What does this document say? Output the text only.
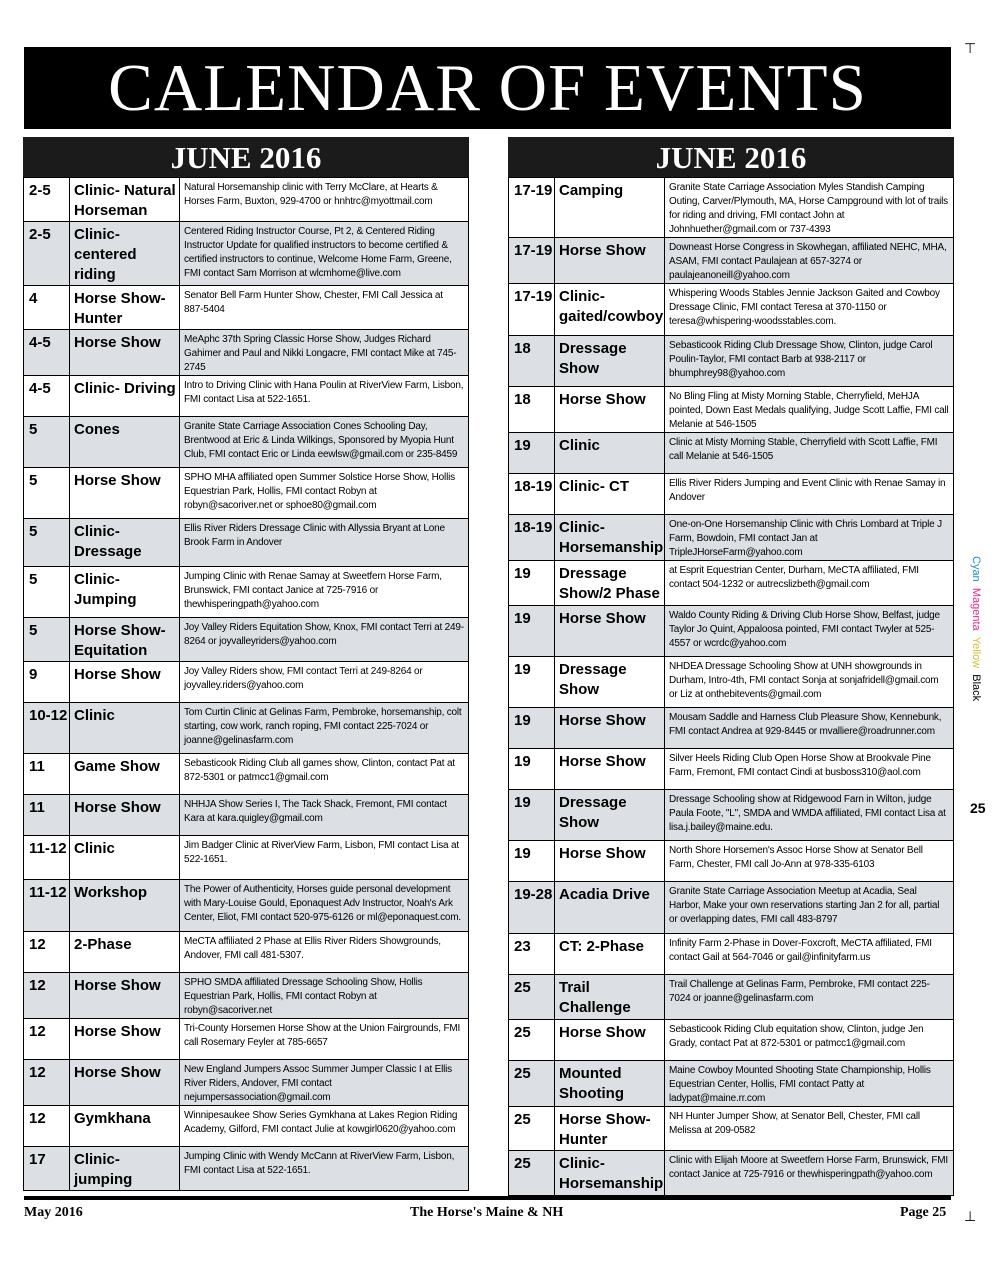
CALENDAR OF EVENTS
JUNE 2016
2-5	Clinic- Natural Horseman	Natural Horsemanship clinic with Terry McClare, at Hearts & Horses Farm, Buxton, 929-4700 or hnhtrc@myottmail.com
2-5	Clinic- centered riding	Centered Riding Instructor Course, Pt 2, & Centered Riding Instructor Update for qualified instructors to become certified & certified instructors to continue, Welcome Home Farm, Greene, FMI contact Sam Morrison at wlcmhome@live.com
4	Horse Show-Hunter	Senator Bell Farm Hunter Show, Chester, FMI Call Jessica at 887-5404
4-5	Horse Show	MeAphc 37th Spring Classic Horse Show, Judges Richard Gahimer and Paul and Nikki Longacre, FMI contact Mike at 745-2745
4-5	Clinic- Driving	Intro to Driving Clinic with Hana Poulin at RiverView Farm, Lisbon, FMI contact Lisa at 522-1651.
5	Cones	Granite State Carriage Association Cones Schooling Day, Brentwood at Eric & Linda Wilkings, Sponsored by Myopia Hunt Club, FMI contact Eric or Linda eewlsw@gmail.com or 235-8459
5	Horse Show	SPHO MHA affiliated open Summer Solstice Horse Show, Hollis Equestrian Park, Hollis, FMI contact Robyn at robyn@sacoriver.net or sphoe80@gmail.com
5	Clinic- Dressage	Ellis River Riders Dressage Clinic with Allyssia Bryant at Lone Brook Farm in Andover
5	Clinic- Jumping	Jumping Clinic with Renae Samay at Sweetfern Horse Farm, Brunswick, FMI contact Janice at 725-7916 or thewhisperingpath@yahoo.com
5	Horse Show-Equitation	Joy Valley Riders Equitation Show, Knox, FMI contact Terri at 249-8264 or joyvalleyriders@yahoo.com
9	Horse Show	Joy Valley Riders show, FMI contact Terri at 249-8264 or joyvalley.riders@yahoo.com
10-12	Clinic	Tom Curtin Clinic at Gelinas Farm, Pembroke, horsemanship, colt starting, cow work, ranch roping, FMI contact 225-7024 or joanne@gelinasfarm.com
11	Game Show	Sebasticook Riding Club all games show, Clinton, contact Pat at 872-5301 or patmcc1@gmail.com
11	Horse Show	NHHJA Show Series I, The Tack Shack, Fremont, FMI contact Kara at kara.quigley@gmail.com
11-12	Clinic	Jim Badger Clinic at RiverView Farm, Lisbon, FMI contact Lisa at 522-1651.
11-12	Workshop	The Power of Authenticity, Horses guide personal development with Mary-Louise Gould, Eponaquest Adv Instructor, Noah's Ark Center, Eliot, FMI contact 520-975-6126 or ml@eponaquest.com.
12	2-Phase	MeCTA affiliated 2 Phase at Ellis River Riders Showgrounds, Andover, FMI call 481-5307.
12	Horse Show	SPHO SMDA affiliated Dressage Schooling Show, Hollis Equestrian Park, Hollis, FMI contact Robyn at robyn@sacoriver.net
12	Horse Show	Tri-County Horsemen Horse Show at the Union Fairgrounds, FMI call Rosemary Feyler at 785-6657
12	Horse Show	New England Jumpers Assoc Summer Jumper Classic I at Ellis River Riders, Andover, FMI contact nejumpersassociation@gmail.com
12	Gymkhana	Winnipesaukee Show Series Gymkhana at Lakes Region Riding Academy, Gilford, FMI contact Julie at kowgirl0620@yahoo.com
17	Clinic- jumping	Jumping Clinic with Wendy McCann at RiverView Farm, Lisbon, FMI contact Lisa at 522-1651.
JUNE 2016
17-19	Camping	Granite State Carriage Association Myles Standish Camping Outing, Carver/Plymouth, MA, Horse Campground with lot of trails for riding and driving, FMI contact John at Johnhuether@gmail.com or 737-4393
17-19	Horse Show	Downeast Horse Congress in Skowhegan, affiliated NEHC, MHA, ASAM, FMI contact Paulajean at 657-3274 or paulajeanoneill@yahoo.com
17-19	Clinic- gaited/cowboy	Whispering Woods Stables Jennie Jackson Gaited and Cowboy Dressage Clinic, FMI contact Teresa at 370-1150 or teresa@whispering-woodsstables.com.
18	Dressage Show	Sebasticook Riding Club Dressage Show, Clinton, judge Carol Poulin-Taylor, FMI contact Barb at 938-2117 or bhumphrey98@yahoo.com
18	Horse Show	No Bling Fling at Misty Morning Stable, Cherryfield, MeHJA pointed, Down East Medals qualifying, Judge Scott Laffie, FMI call Melanie at 546-1505
19	Clinic	Clinic at Misty Morning Stable, Cherryfield with Scott Laffie, FMI call Melanie at 546-1505
18-19	Clinic- CT	Ellis River Riders Jumping and Event Clinic with Renae Samay in Andover
18-19	Clinic- Horsemanship	One-on-One Horsemanship Clinic with Chris Lombard at Triple J Farm, Bowdoin, FMI contact Jan at TripleJHorseFarm@yahoo.com
19	Dressage Show/2 Phase	at Esprit Equestrian Center, Durham, MeCTA affiliated, FMI contact 504-1232 or autrecslizbeth@gmail.com
19	Horse Show	Waldo County Riding & Driving Club Horse Show, Belfast, judge Taylor Jo Quint, Appaloosa pointed, FMI contact Twyler at 525-4557 or wcrdc@yahoo.com
19	Dressage Show	NHDEA Dressage Schooling Show at UNH showgrounds in Durham, Intro-4th, FMI contact Sonja at sonjafridell@gmail.com or Liz at onthebitevents@gmail.com
19	Horse Show	Mousam Saddle and Harness Club Pleasure Show, Kennebunk, FMI contact Andrea at 929-8445 or mvalliere@roadrunner.com
19	Horse Show	Silver Heels Riding Club Open Horse Show at Brookvale Pine Farm, Fremont, FMI contact Cindi at busboss310@aol.com
19	Dressage Show	Dressage Schooling show at Ridgewood Farn in Wilton, judge Paula Foote, "L", SMDA and WMDA affiliated, FMI contact Lisa at lisa.j.bailey@maine.edu.
19	Horse Show	North Shore Horsemen's Assoc Horse Show at Senator Bell Farm, Chester, FMI call Jo-Ann at 978-335-6103
19-28	Acadia Drive	Granite State Carriage Association Meetup at Acadia, Seal Harbor, Make your own reservations starting Jan 2 for all, partial or overlapping dates, FMI call 483-8797
23	CT: 2-Phase	Infinity Farm 2-Phase in Dover-Foxcroft, MeCTA affiliated, FMI contact Gail at 564-7046 or gail@infinityfarm.us
25	Trail Challenge	Trail Challenge at Gelinas Farm, Pembroke, FMI contact 225-7024 or joanne@gelinasfarm.com
25	Horse Show	Sebasticook Riding Club equitation show, Clinton, judge Jen Grady, contact Pat at 872-5301 or patmcc1@gmail.com
25	Mounted Shooting	Maine Cowboy Mounted Shooting State Championship, Hollis Equestrian Center, Hollis, FMI contact Patty at ladypat@maine.rr.com
25	Horse Show-Hunter	NH Hunter Jumper Show, at Senator Bell, Chester, FMI call Melissa at 209-0582
25	Clinic- Horsemanship	Clinic with Elijah Moore at Sweetfern Horse Farm, Brunswick, FMI contact Janice at 725-7916 or thewhisperingpath@yahoo.com
May 2016	The Horse's Maine & NH	Page 25
Cyan  Magenta  Yellow  Black
25
⊤
⊥
